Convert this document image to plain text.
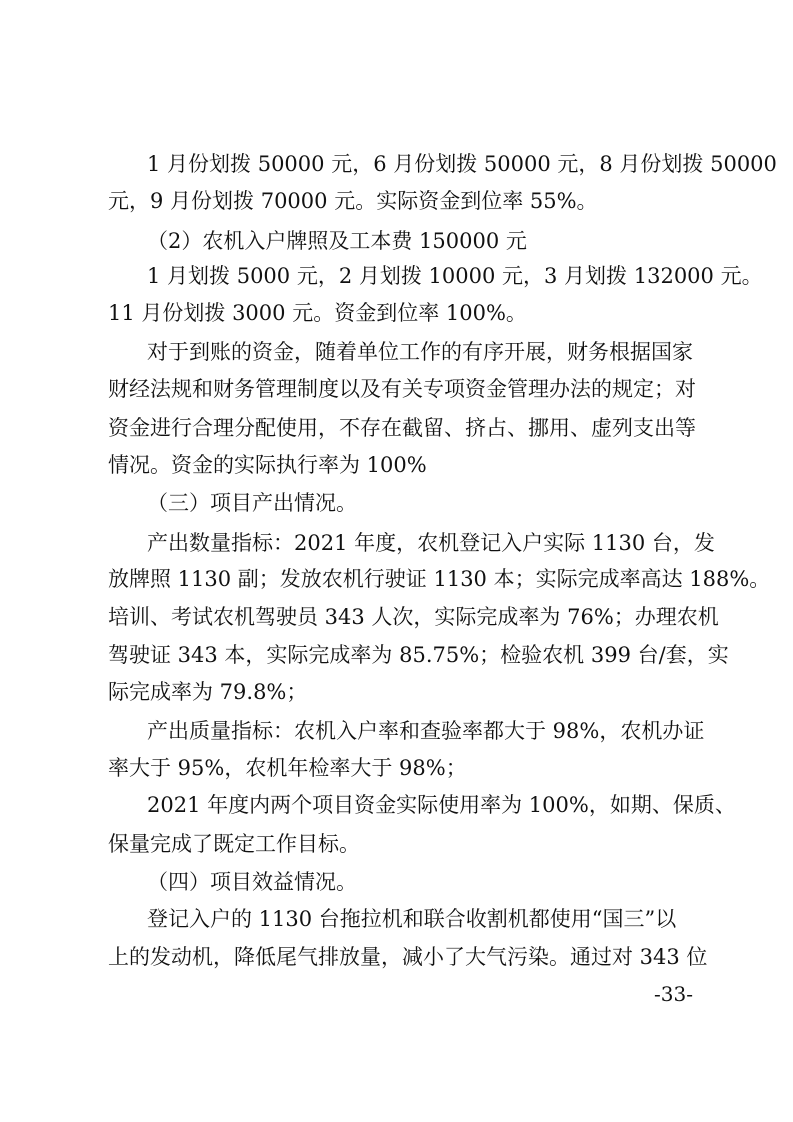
1 月份划拨 50000 元，6 月份划拨 50000 元，8 月份划拨 50000

元，9 月份划拨 70000 元。实际资金到位率 55%。

（2）农机入户牌照及工本费 150000 元

1 月划拨 5000 元，2 月划拨 10000 元，3 月划拨 132000 元。

11 月份划拨 3000 元。资金到位率 100%。

对于到账的资金，随着单位工作的有序开展，财务根据国家

财经法规和财务管理制度以及有关专项资金管理办法的规定；对

资金进行合理分配使用，不存在截留、挤占、挪用、虚列支出等

情况。资金的实际执行率为 100%

（三）项目产出情况。

产出数量指标：2021 年度，农机登记入户实际 1130 台，发

放牌照 1130 副；发放农机行驶证 1130 本；实际完成率高达 188%。

培训、考试农机驾驶员 343 人次，实际完成率为 76%；办理农机

驾驶证 343 本，实际完成率为 85.75%；检验农机 399 台/套，实

际完成率为 79.8%；

产出质量指标：农机入户率和查验率都大于 98%，农机办证

率大于 95%，农机年检率大于 98%；

2021 年度内两个项目资金实际使用率为 100%，如期、保质、

保量完成了既定工作目标。

（四）项目效益情况。

登记入户的 1130 台拖拉机和联合收割机都使用“国三”以

上的发动机，降低尾气排放量，减小了大气污染。通过对 343 位

-33-
